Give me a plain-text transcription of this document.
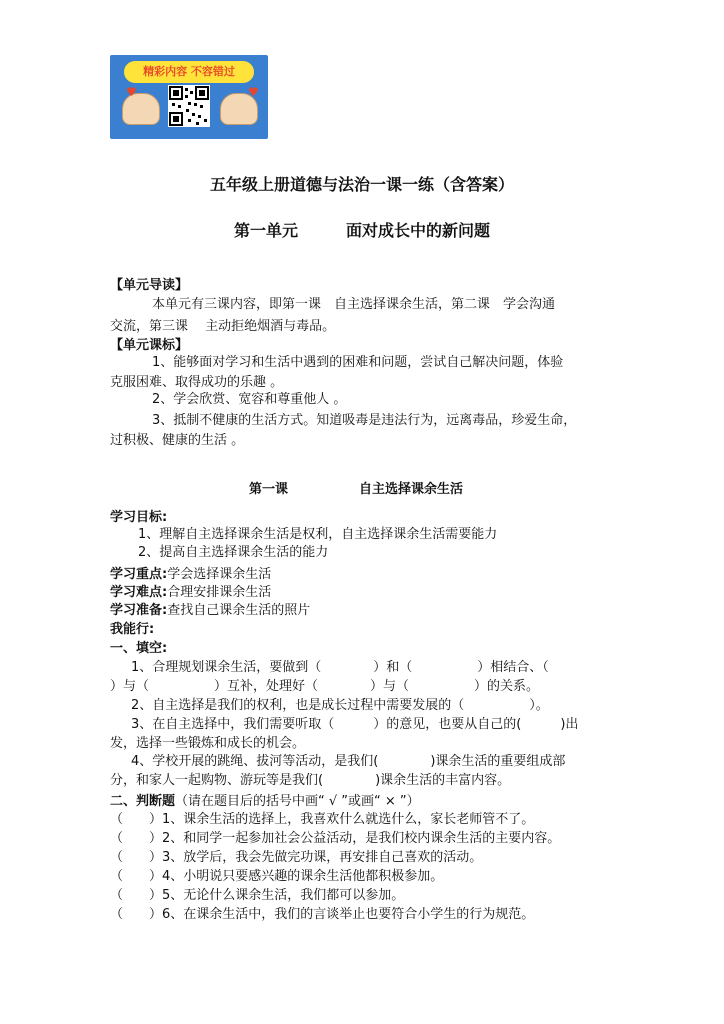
精彩内容 不容错过
♥	♥
五年级上册道德与法治一课一练（含答案）
第一单元　　　面对成长中的新问题
【单元导读】
本单元有三课内容，即第一课　自主选择课余生活，第二课　学会沟通
交流，第三课　 主动拒绝烟酒与毒品。
【单元课标】
1、能够面对学习和生活中遇到的困难和问题，尝试自己解决问题，体验
克服困难、取得成功的乐趣 。
2、学会欣赏、宽容和尊重他人 。
3、抵制不健康的生活方式。知道吸毒是违法行为，远离毒品，珍爱生命，
过积极、健康的生活 。
第一课	自主选择课余生活
学习目标:
1、理解自主选择课余生活是权利，自主选择课余生活需要能力
2、提高自主选择课余生活的能力
学习重点:学会选择课余生活
学习难点:合理安排课余生活
学习准备:查找自己课余生活的照片
我能行:
一、填空:
1、合理规划课余生活，要做到（　　　　）和（　　　　　）相结合、（
）与（　　　　　）互补，处理好（　　　　）与（　　　　　）的关系。
2、自主选择是我们的权利，也是成长过程中需要发展的（　　　　　）。
3、在自主选择中，我们需要听取（　　　）的意见，也要从自己的(　　　)出
发，选择一些锻炼和成长的机会。
4、学校开展的跳绳、拔河等活动，是我们(　　　　)课余生活的重要组成部
分，和家人一起购物、游玩等是我们(　　　　)课余生活的丰富内容。
二、判断题（请在题目后的括号中画“ √ ”或画“ × ”）
（　　）1、课余生活的选择上，我喜欢什么就选什么，家长老师管不了。
（　　）2、和同学一起参加社会公益活动，是我们校内课余生活的主要内容。
（　　）3、放学后，我会先做完功课，再安排自己喜欢的活动。
（　　）4、小明说只要感兴趣的课余生活他都积极参加。
（　　）5、无论什么课余生活，我们都可以参加。
（　　）6、在课余生活中，我们的言谈举止也要符合小学生的行为规范。
